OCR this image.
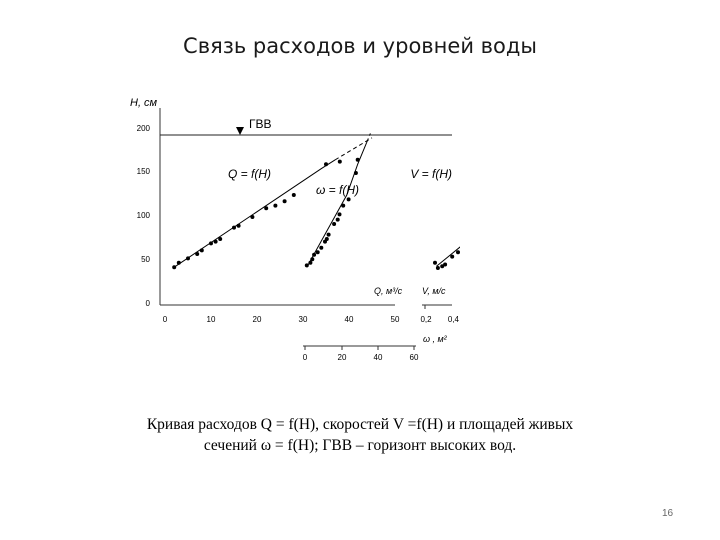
Связь расходов и уровней воды
H, см
0
50
100
150
200	ГВВ
0	10	20	30	40	50
Q, м³/с
0,2 0,4
V, м/с
0	20	40	60
ω , м²
Q = f(H)
ω = f(H)
V = f(H)
Кривая расходов Q = f(H), скоростей V =f(H) и площадей живых
сечений ω = f(H); ГВВ – горизонт высоких вод.
16
